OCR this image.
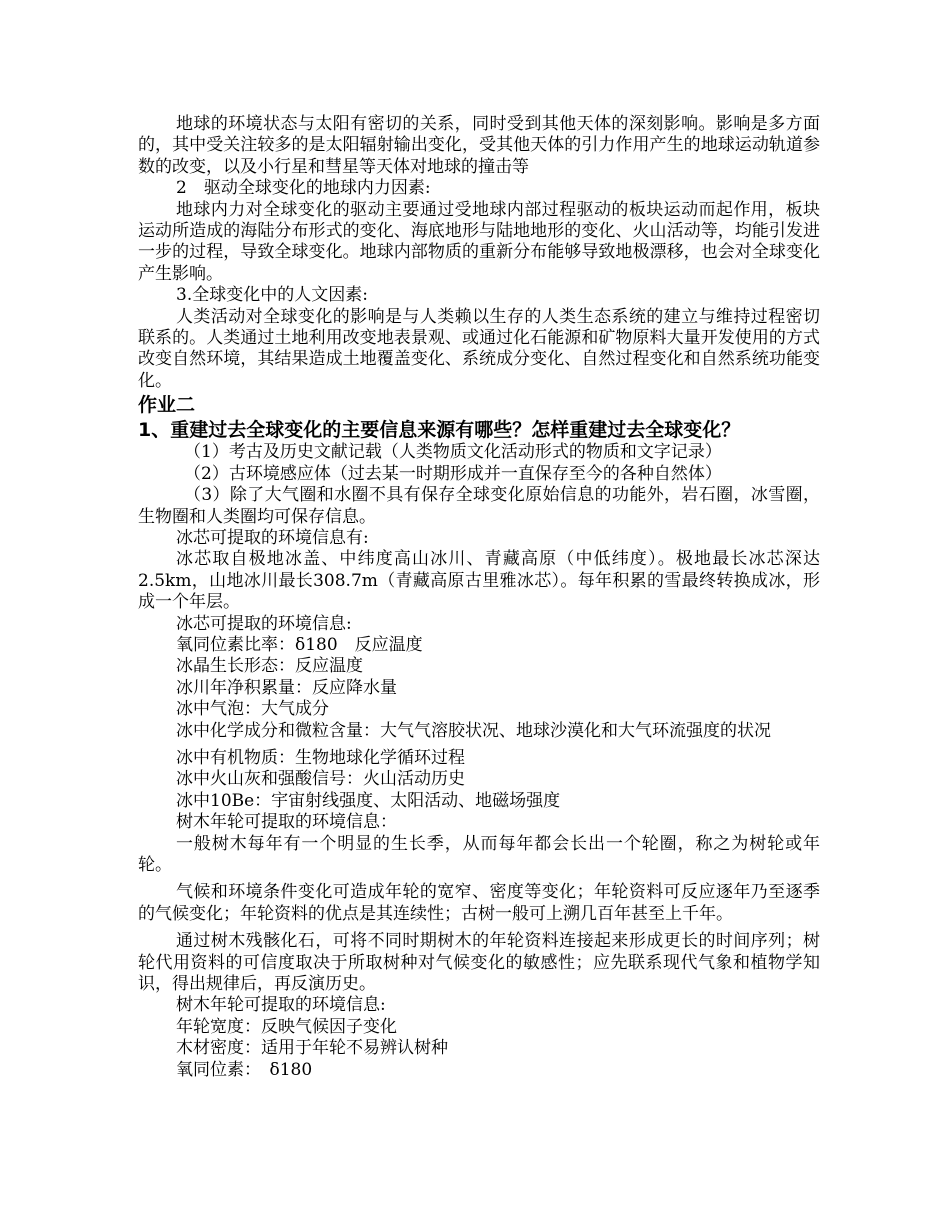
地球的环境状态与太阳有密切的关系，同时受到其他天体的深刻影响。影响是多方面的，其中受关注较多的是太阳辐射输出变化，受其他天体的引力作用产生的地球运动轨道参数的改变，以及小行星和彗星等天体对地球的撞击等

2　驱动全球变化的地球内力因素:

地球内力对全球变化的驱动主要通过受地球内部过程驱动的板块运动而起作用，板块运动所造成的海陆分布形式的变化、海底地形与陆地地形的变化、火山活动等，均能引发进一步的过程，导致全球变化。地球内部物质的重新分布能够导致地极漂移，也会对全球变化产生影响。

3.全球变化中的人文因素:

人类活动对全球变化的影响是与人类赖以生存的人类生态系统的建立与维持过程密切联系的。人类通过土地利用改变地表景观、或通过化石能源和矿物原料大量开发使用的方式改变自然环境，其结果造成土地覆盖变化、系统成分变化、自然过程变化和自然系统功能变化。

作业二

1、重建过去全球变化的主要信息来源有哪些？怎样重建过去全球变化？

（1）考古及历史文献记载（人类物质文化活动形式的物质和文字记录）

（2）古环境感应体（过去某一时期形成并一直保存至今的各种自然体）

（3）除了大气圈和水圈不具有保存全球变化原始信息的功能外，岩石圈，冰雪圈，生物圈和人类圈均可保存信息。

冰芯可提取的环境信息有:

冰芯取自极地冰盖、中纬度高山冰川、青藏高原（中低纬度）。极地最长冰芯深达2.5km，山地冰川最长308.7m（青藏高原古里雅冰芯）。每年积累的雪最终转换成冰，形成一个年层。

冰芯可提取的环境信息:

氧同位素比率：δ180　反应温度

冰晶生长形态：反应温度

冰川年净积累量：反应降水量

冰中气泡：大气成分

冰中化学成分和微粒含量：大气气溶胶状况、地球沙漠化和大气环流强度的状况

冰中有机物质：生物地球化学循环过程

冰中火山灰和强酸信号：火山活动历史

冰中10Be：宇宙射线强度、太阳活动、地磁场强度

树木年轮可提取的环境信息：

一般树木每年有一个明显的生长季，从而每年都会长出一个轮圈，称之为树轮或年轮。

气候和环境条件变化可造成年轮的宽窄、密度等变化；年轮资料可反应逐年乃至逐季的气候变化；年轮资料的优点是其连续性；古树一般可上溯几百年甚至上千年。

通过树木残骸化石，可将不同时期树木的年轮资料连接起来形成更长的时间序列；树轮代用资料的可信度取决于所取树种对气候变化的敏感性；应先联系现代气象和植物学知识，得出规律后，再反演历史。

树木年轮可提取的环境信息:

年轮宽度：反映气候因子变化

木材密度：适用于年轮不易辨认树种

氧同位素：　δ180
